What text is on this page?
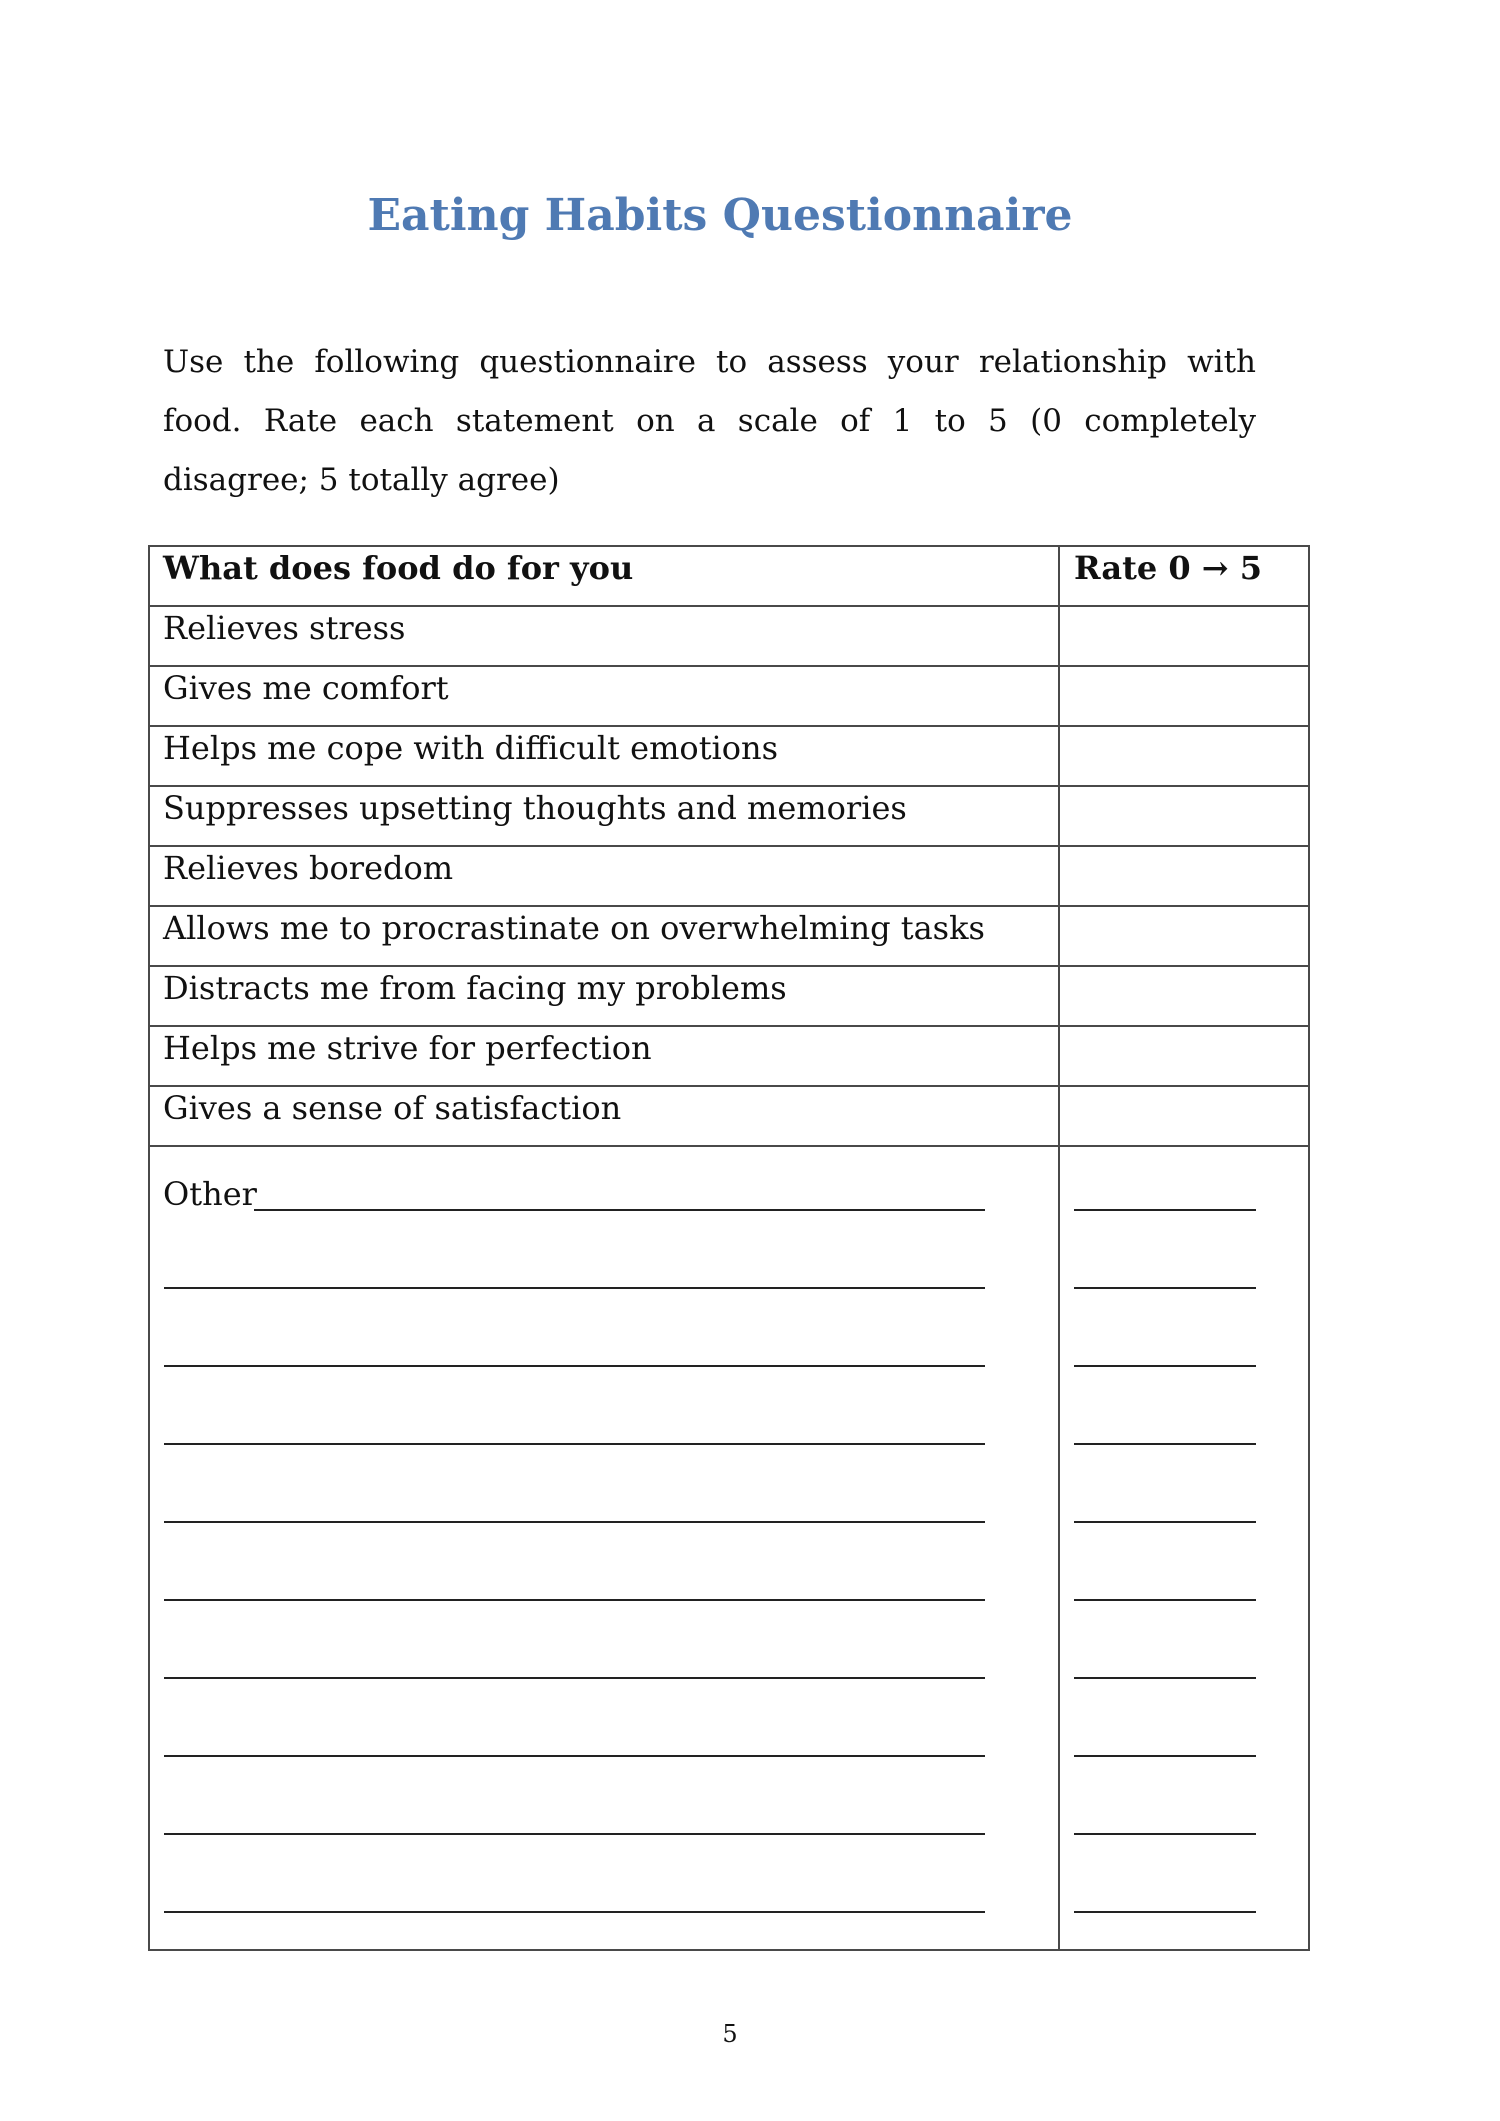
Eating Habits Questionnaire

Use the following questionnaire to assess your relationship with food. Rate each statement on a scale of 1 to 5 (0 completely disagree; 5 totally agree)

What does food do for you	Rate 0 → 5
Relieves stress
Gives me comfort
Helps me cope with difficult emotions
Suppresses upsetting thoughts and memories
Relieves boredom
Allows me to procrastinate on overwhelming tasks
Distracts me from facing my problems
Helps me strive for perfection
Gives a sense of satisfaction
Other
5
